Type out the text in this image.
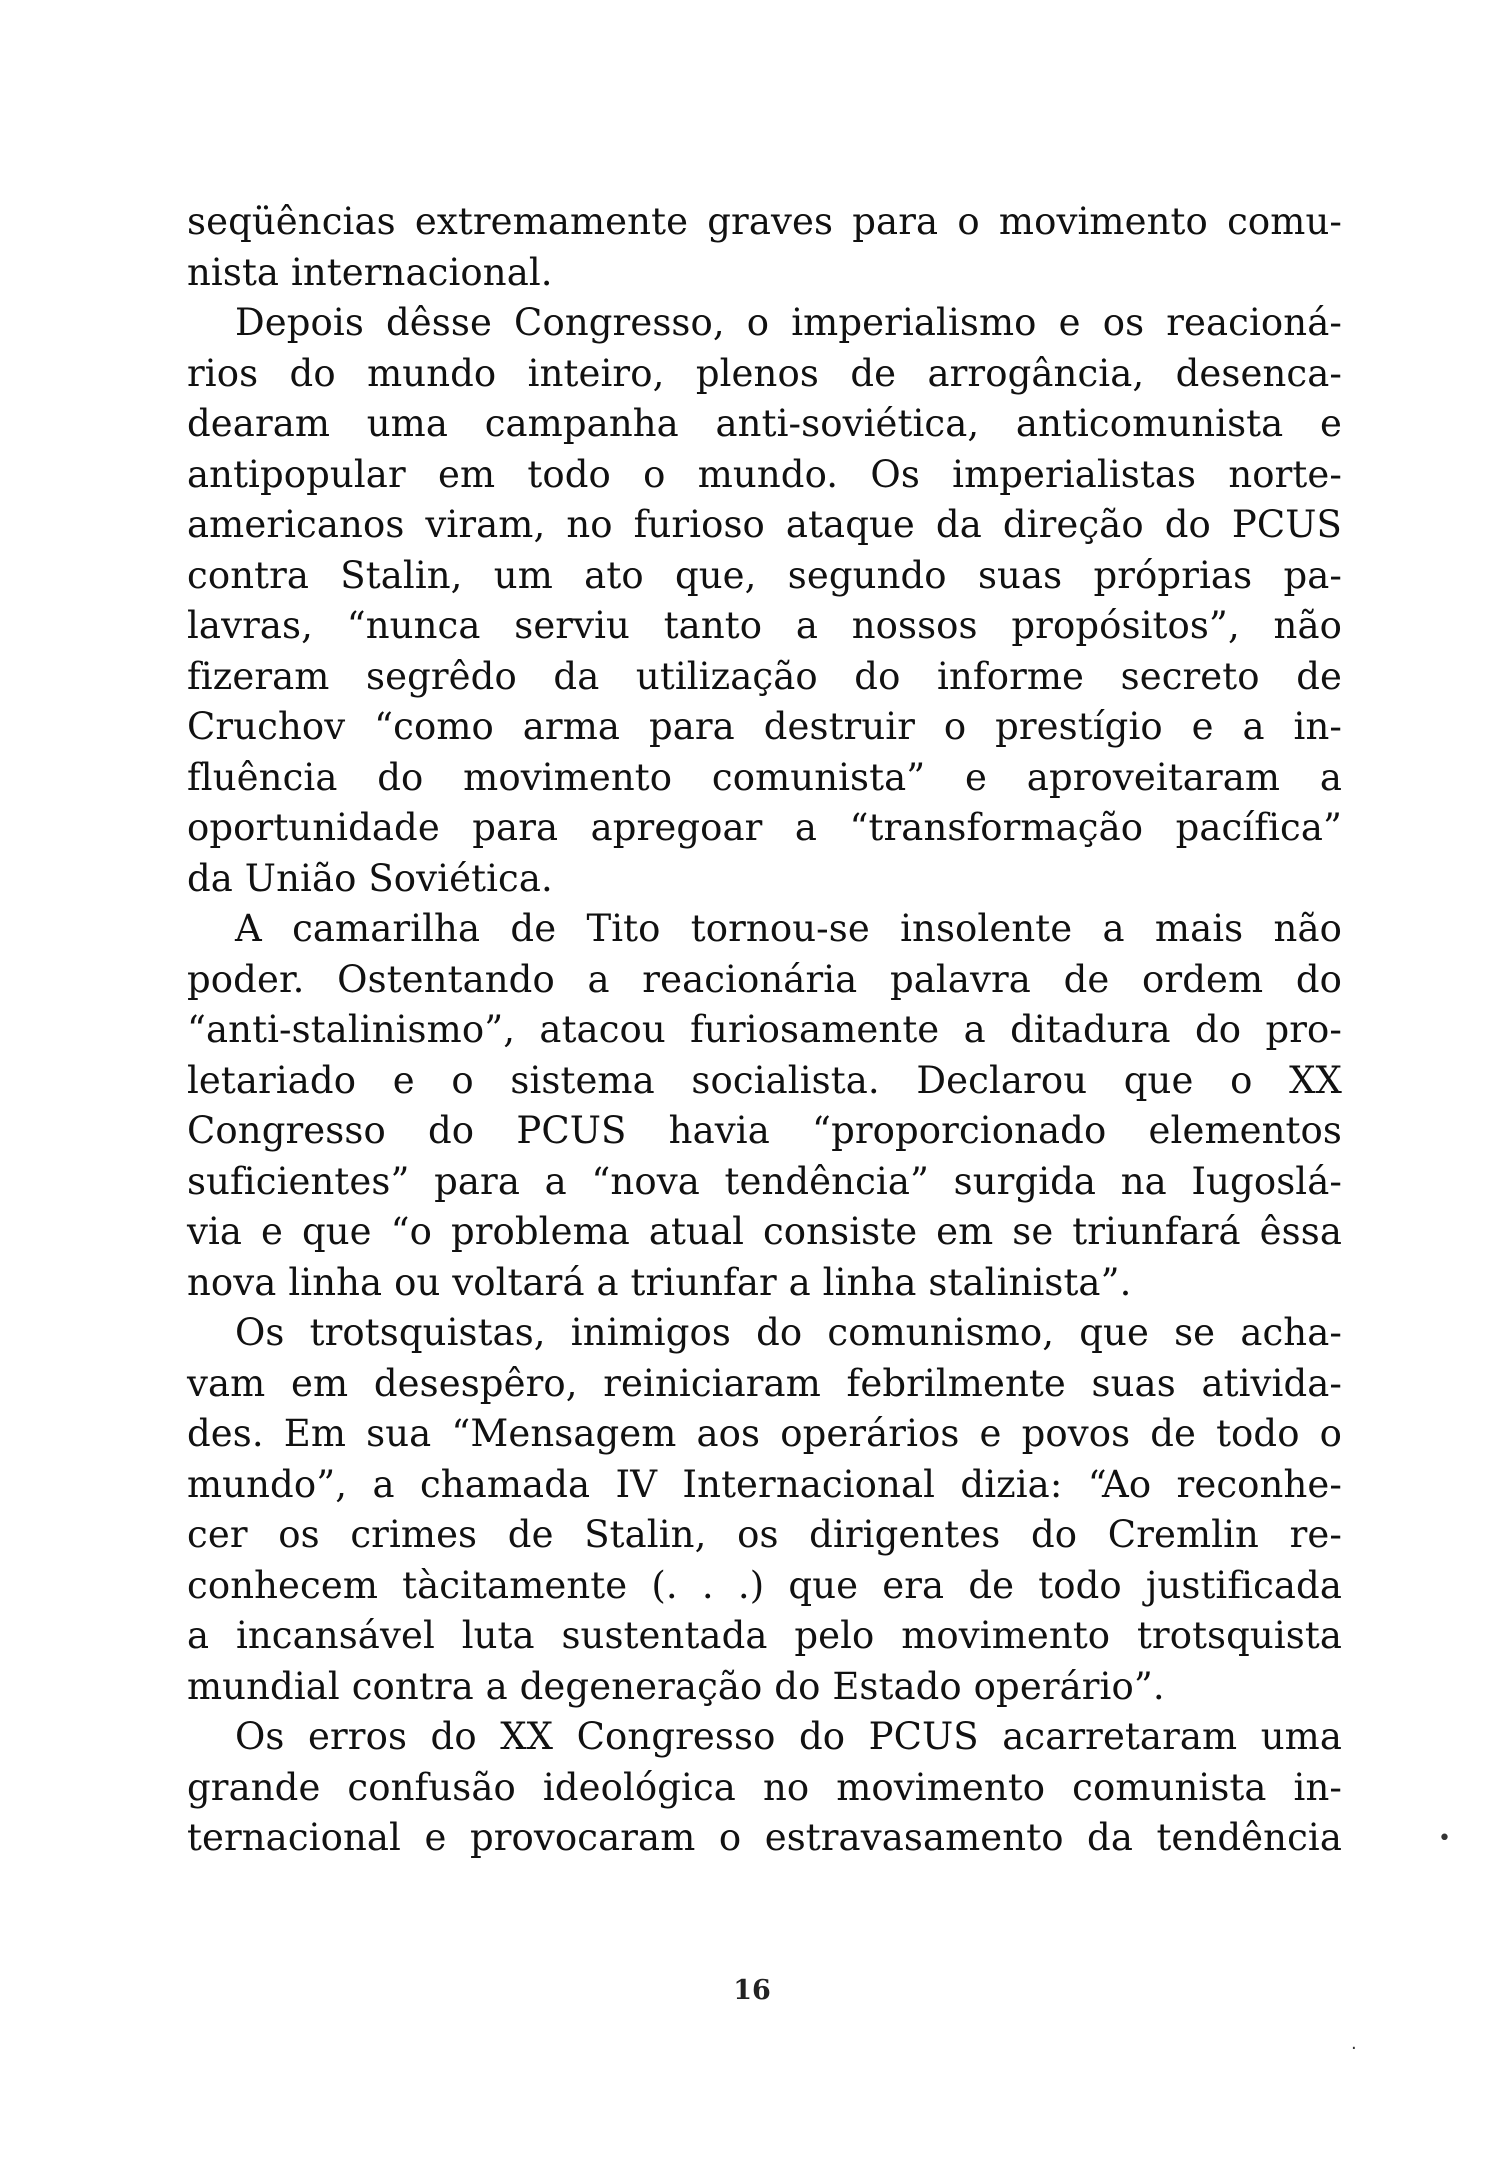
seqüências extremamente graves para o movimento comu-
nista internacional.
Depois dêsse Congresso, o imperialismo e os reacioná-
rios do mundo inteiro, plenos de arrogância, desenca-
dearam uma campanha anti-soviética, anticomunista e
antipopular em todo o mundo. Os imperialistas norte-
americanos viram, no furioso ataque da direção do PCUS
contra Stalin, um ato que, segundo suas próprias pa-
lavras, “nunca serviu tanto a nossos propósitos”, não
fizeram segrêdo da utilização do informe secreto de
Cruchov “como arma para destruir o prestígio e a in-
fluência do movimento comunista” e aproveitaram a
oportunidade para apregoar a “transformação pacífica”
da União Soviética.
A camarilha de Tito tornou-se insolente a mais não
poder. Ostentando a reacionária palavra de ordem do
“anti-stalinismo”, atacou furiosamente a ditadura do pro-
letariado e o sistema socialista. Declarou que o XX
Congresso do PCUS havia “proporcionado elementos
suficientes” para a “nova tendência” surgida na Iugoslá-
via e que “o problema atual consiste em se triunfará êssa
nova linha ou voltará a triunfar a linha stalinista”.
Os trotsquistas, inimigos do comunismo, que se acha-
vam em desespêro, reiniciaram febrilmente suas ativida-
des. Em sua “Mensagem aos operários e povos de todo o
mundo”, a chamada IV Internacional dizia: “Ao reconhe-
cer os crimes de Stalin, os dirigentes do Cremlin re-
conhecem tàcitamente (. . .) que era de todo justificada
a incansável luta sustentada pelo movimento trotsquista
mundial contra a degeneração do Estado operário”.
Os erros do XX Congresso do PCUS acarretaram uma
grande confusão ideológica no movimento comunista in-
ternacional e provocaram o estravasamento da tendência
16
•
·
